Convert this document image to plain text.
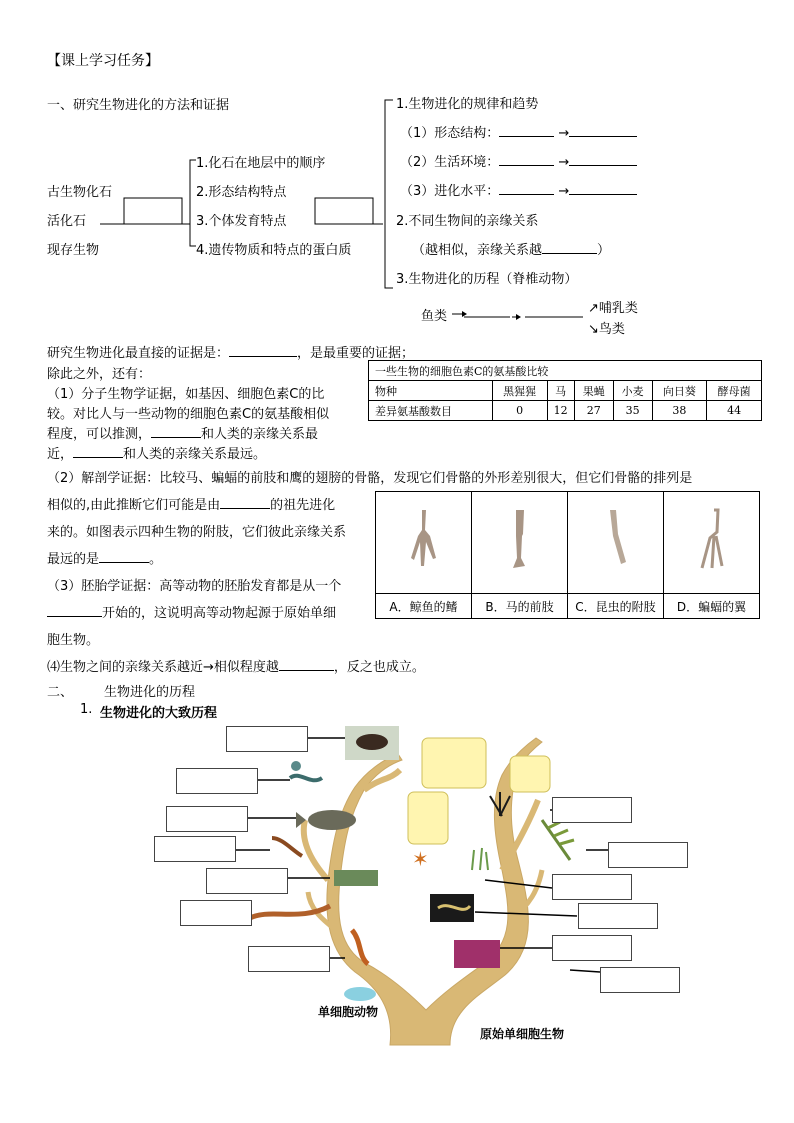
【课上学习任务】
一、研究生物进化的方法和证据
古生物化石
活化石
现存生物
1.化石在地层中的顺序
2.形态结构特点
3.个体发育特点
4.遗传物质和特点的蛋白质
1.生物进化的规律和趋势
（1）形态结构：	→
（2）生活环境：	→
（3）进化水平：	→
2.不同生物间的亲缘关系
（越相似，亲缘关系越	）
3.生物进化的历程（脊椎动物）
鱼类
↗哺乳类
↘鸟类
研究生物进化最直接的证据是：	，是最重要的证据；
除此之外，还有：
（1）分子生物学证据，如基因、细胞色素C的比
较。对比人与一些动物的细胞色素C的氨基酸相似
程度，可以推测，	和人类的亲缘关系最
近，	和人类的亲缘关系最远。
一些生物的细胞色素C的氨基酸比较						
物种	黑猩猩	马	果蝇	小麦	向日葵	酵母菌
差异氨基酸数目	0	12	27	35	38	44
（2）解剖学证据：比较马、蝙蝠的前肢和鹰的翅膀的骨骼，发现它们骨骼的外形差别很大，但它们骨骼的排列是
相似的,由此推断它们可能是由	的祖先进化
来的。如图表示四种生物的附肢，它们彼此亲缘关系
最远的是	。
（3）胚胎学证据：高等动物的胚胎发育都是从一个
开始的，这说明高等动物起源于原始单细
胞生物。
⑷生物之间的亲缘关系越近→相似程度越	，反之也成立。

A．鲸鱼的鳍	B．马的前肢	C．昆虫的附肢	D．蝙蝠的翼
二、 生物进化的历程
1. 生物进化的大致历程
✶
单细胞动物
原始单细胞生物
